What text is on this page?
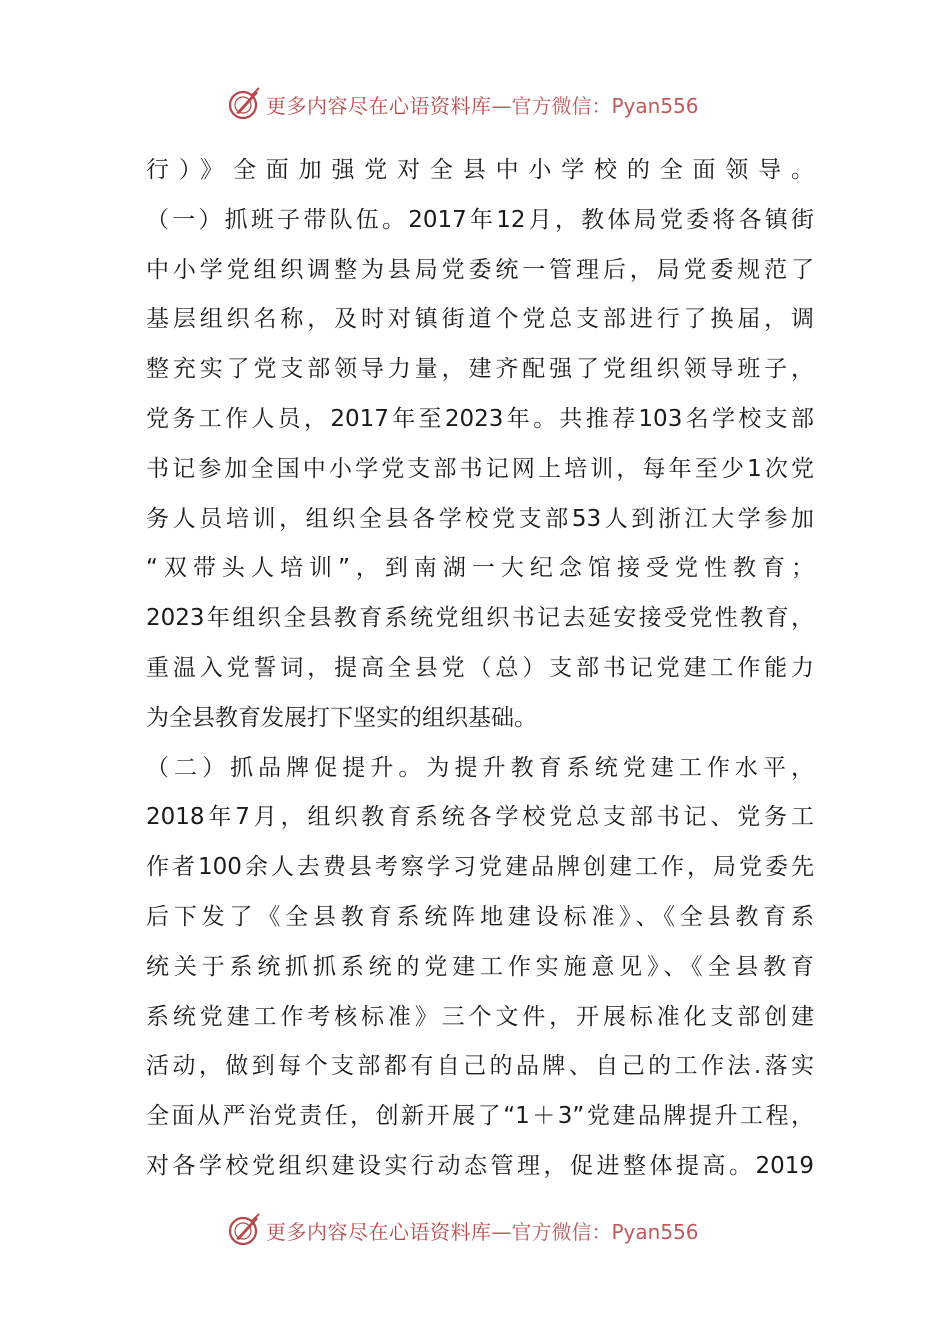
更多内容尽在心语资料库 —官方微信：Pyan556
行）》全面加强党对全县中小学校的全面领导。
（一）抓班子带队伍。2017年12月，教体局党委将各镇街
中小学党组织调整为县局党委统一管理后，局党委规范了
基层组织名称，及时对镇街道个党总支部进行了换届，调
整充实了党支部领导力量，建齐配强了党组织领导班子，
党务工作人员，2017年至2023年。共推荐103名学校支部
书记参加全国中小学党支部书记网上培训，每年至少1次党
务人员培训，组织全县各学校党支部53人到浙江大学参加
“双带头人培训”，到南湖一大纪念馆接受党性教育；
2023年组织全县教育系统党组织书记去延安接受党性教育，
重温入党誓词，提高全县党（总）支部书记党建工作能力
为全县教育发展打下坚实的组织基础。
（二）抓品牌促提升。为提升教育系统党建工作水平，
2018年7月，组织教育系统各学校党总支部书记、党务工
作者100余人去费县考察学习党建品牌创建工作，局党委先
后下发了《全县教育系统阵地建设标准》、《全县教育系
统关于系统抓抓系统的党建工作实施意见》、《全县教育
系统党建工作考核标准》三个文件，开展标准化支部创建
活动，做到每个支部都有自己的品牌、自己的工作法.落实
全面从严治党责任，创新开展了“1＋3”党建品牌提升工程，
对各学校党组织建设实行动态管理，促进整体提高。2019
更多内容尽在心语资料库 —官方微信：Pyan556
